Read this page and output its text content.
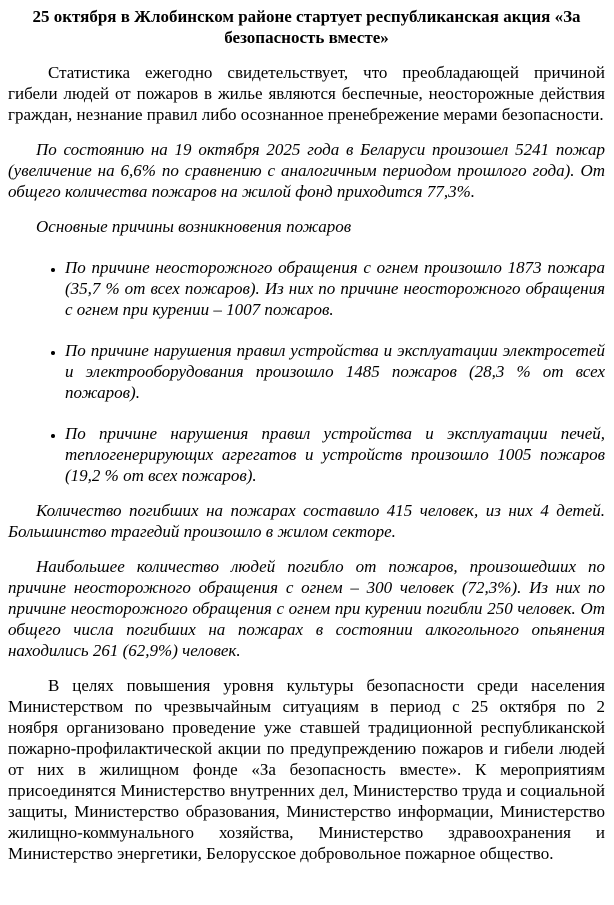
25 октября в Жлобинском районе стартует республиканская акция «За безопасность вместе»

Статистика ежегодно свидетельствует, что преобладающей причиной гибели людей от пожаров в жилье являются беспечные, неосторожные действия граждан, незнание правил либо осознанное пренебрежение мерами безопасности.

По состоянию на 19 октября 2025 года в Беларуси произошел 5241 пожар (увеличение на 6,6% по сравнению с аналогичным периодом прошлого года). От общего количества пожаров на жилой фонд приходится 77,3%.

Основные причины возникновения пожаров

• По причине неосторожного обращения с огнем произошло 1873 пожара (35,7 % от всех пожаров). Из них по причине неосторожного обращения с огнем при курении – 1007 пожаров.
• По причине нарушения правил устройства и эксплуатации электросетей и электрооборудования произошло 1485 пожаров (28,3 % от всех пожаров).
• По причине нарушения правил устройства и эксплуатации печей, теплогенерирующих агрегатов и устройств произошло 1005 пожаров (19,2 % от всех пожаров).

Количество погибших на пожарах составило 415 человек, из них 4 детей. Большинство трагедий произошло в жилом секторе.

Наибольшее количество людей погибло от пожаров, произошедших по причине неосторожного обращения с огнем – 300 человек (72,3%). Из них по причине неосторожного обращения с огнем при курении погибли 250 человек. От общего числа погибших на пожарах в состоянии алкогольного опьянения находились 261 (62,9%) человек.

В целях повышения уровня культуры безопасности среди населения Министерством по чрезвычайным ситуациям в период с 25 октября по 2 ноября организовано проведение уже ставшей традиционной республиканской пожарно-профилактической акции по предупреждению пожаров и гибели людей от них в жилищном фонде «За безопасность вместе». К мероприятиям присоединятся Министерство внутренних дел, Министерство труда и социальной защиты, Министерство образования, Министерство информации, Министерство жилищно-коммунального хозяйства, Министерство здравоохранения и Министерство энергетики, Белорусское добровольное пожарное общество.
